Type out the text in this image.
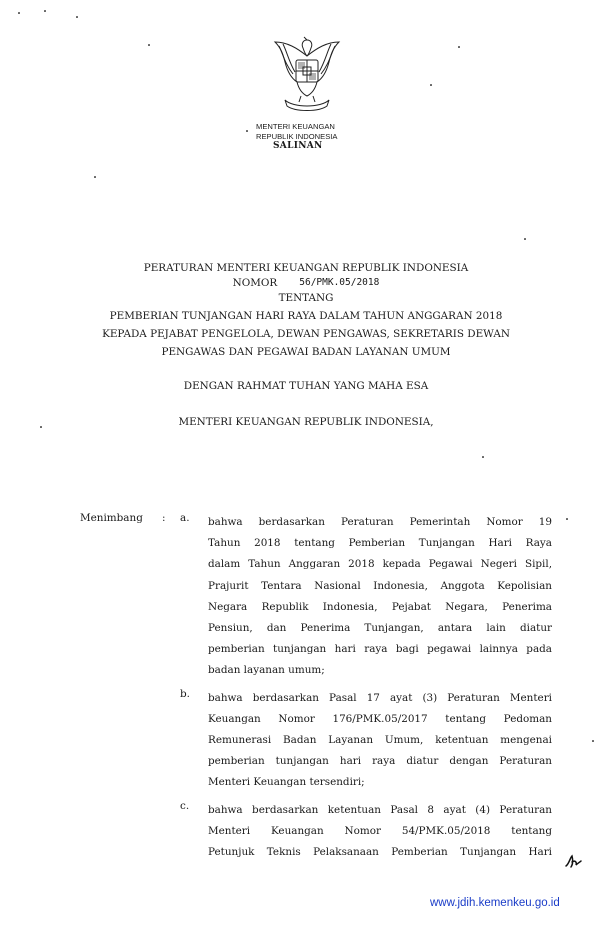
MENTERI KEUANGAN

REPUBLIK INDONESIA

SALINAN

PERATURAN MENTERI KEUANGAN REPUBLIK INDONESIA

NOMOR 56/PMK.05/2018

TENTANG

PEMBERIAN TUNJANGAN HARI RAYA DALAM TAHUN ANGGARAN 2018

KEPADA PEJABAT PENGELOLA, DEWAN PENGAWAS, SEKRETARIS DEWAN

PENGAWAS DAN PEGAWAI BADAN LAYANAN UMUM

DENGAN RAHMAT TUHAN YANG MAHA ESA

MENTERI KEUANGAN REPUBLIK INDONESIA,

Menimbang : a. bahwa berdasarkan Peraturan Pemerintah Nomor 19
Tahun 2018 tentang Pemberian Tunjangan Hari Raya
dalam Tahun Anggaran 2018 kepada Pegawai Negeri Sipil,
Prajurit Tentara Nasional Indonesia, Anggota Kepolisian
Negara Republik Indonesia, Pejabat Negara, Penerima
Pensiun, dan Penerima Tunjangan, antara lain diatur
pemberian tunjangan hari raya bagi pegawai lainnya pada
badan layanan umum;

b. bahwa berdasarkan Pasal 17 ayat (3) Peraturan Menteri
Keuangan Nomor 176/PMK.05/2017 tentang Pedoman
Remunerasi Badan Layanan Umum, ketentuan mengenai
pemberian tunjangan hari raya diatur dengan Peraturan
Menteri Keuangan tersendiri;

c. bahwa berdasarkan ketentuan Pasal 8 ayat (4) Peraturan
Menteri Keuangan Nomor 54/PMK.05/2018 tentang
Petunjuk Teknis Pelaksanaan Pemberian Tunjangan Hari

www.jdih.kemenkeu.go.id
